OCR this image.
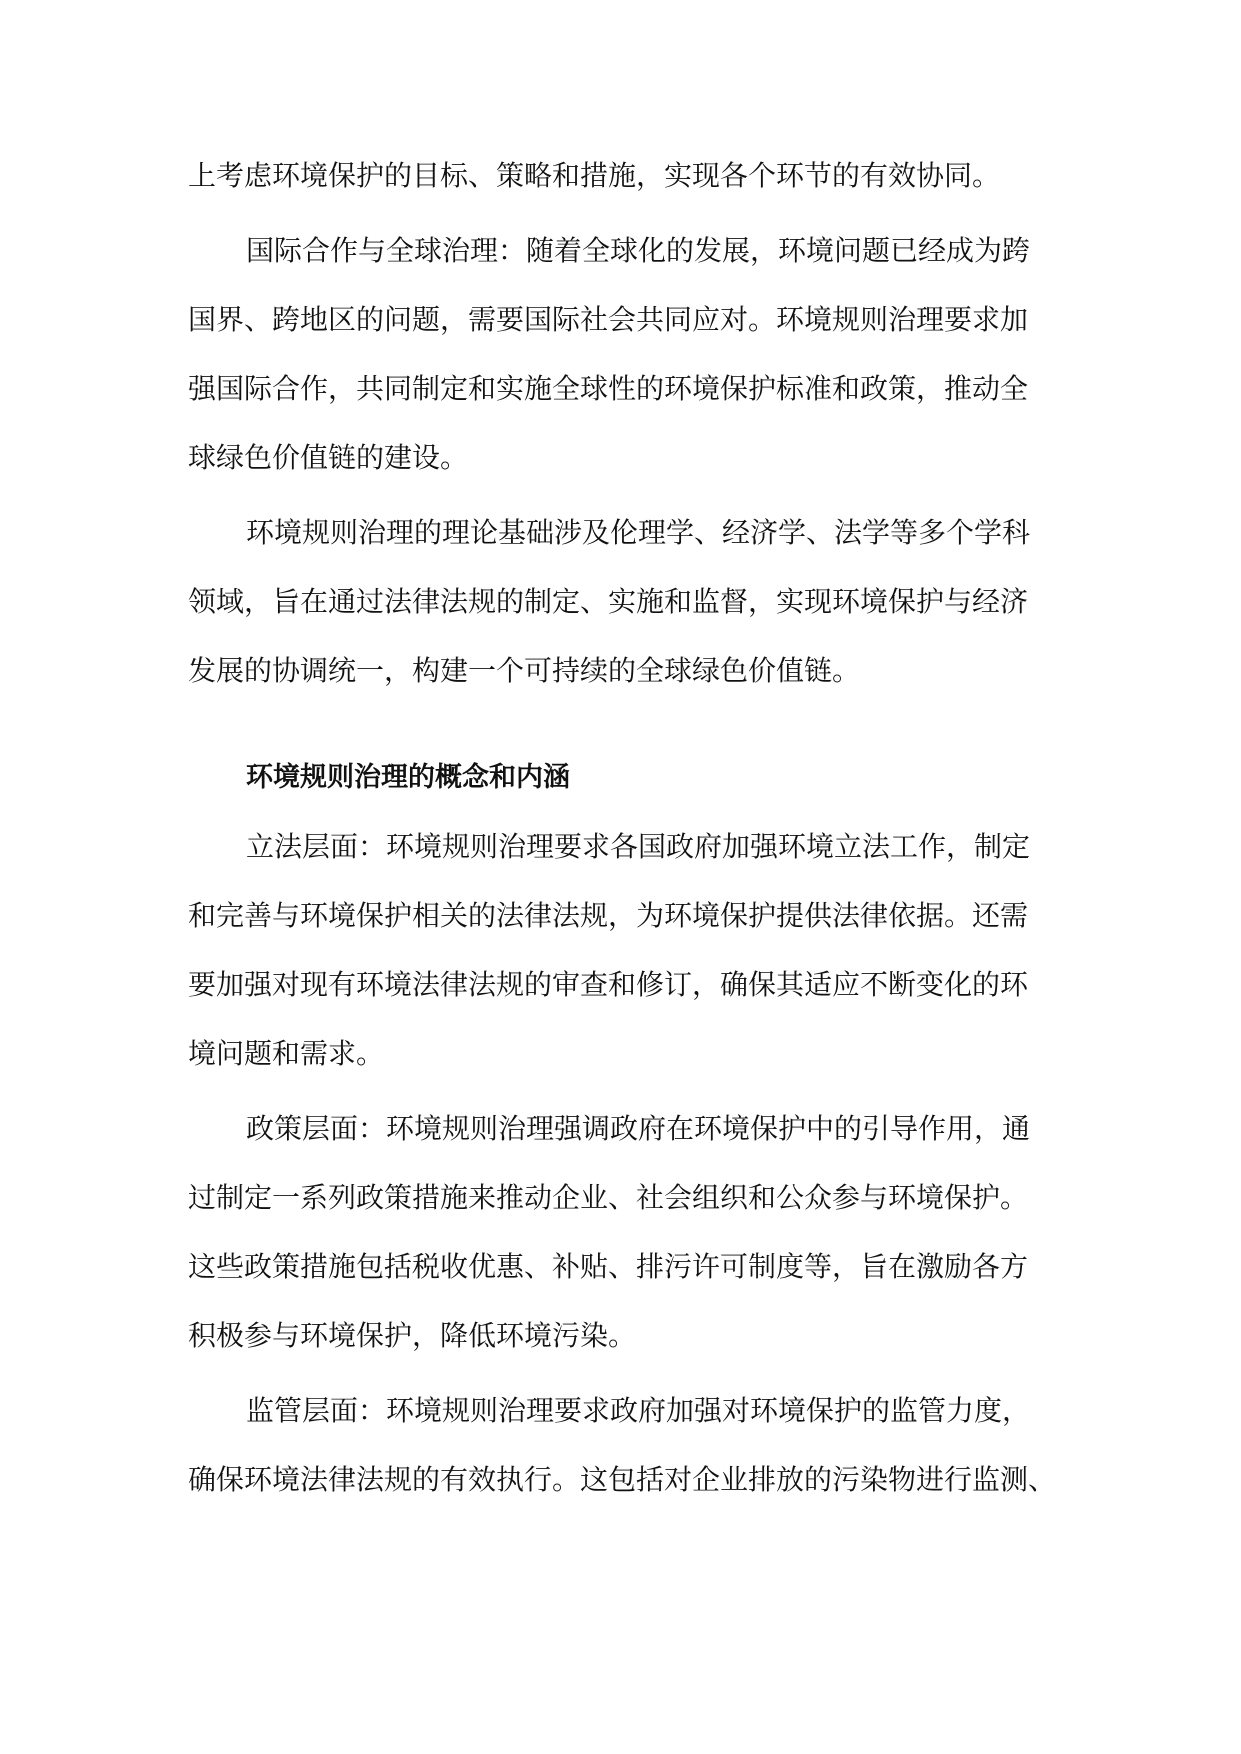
上考虑环境保护的目标、策略和措施，实现各个环节的有效协同。
国际合作与全球治理：随着全球化的发展，环境问题已经成为跨
国界、跨地区的问题，需要国际社会共同应对。环境规则治理要求加
强国际合作，共同制定和实施全球性的环境保护标准和政策，推动全
球绿色价值链的建设。
环境规则治理的理论基础涉及伦理学、经济学、法学等多个学科
领域，旨在通过法律法规的制定、实施和监督，实现环境保护与经济
发展的协调统一，构建一个可持续的全球绿色价值链。
环境规则治理的概念和内涵
立法层面：环境规则治理要求各国政府加强环境立法工作，制定
和完善与环境保护相关的法律法规，为环境保护提供法律依据。还需
要加强对现有环境法律法规的审查和修订，确保其适应不断变化的环
境问题和需求。
政策层面：环境规则治理强调政府在环境保护中的引导作用，通
过制定一系列政策措施来推动企业、社会组织和公众参与环境保护。
这些政策措施包括税收优惠、补贴、排污许可制度等，旨在激励各方
积极参与环境保护，降低环境污染。
监管层面：环境规则治理要求政府加强对环境保护的监管力度，
确保环境法律法规的有效执行。这包括对企业排放的污染物进行监测、
